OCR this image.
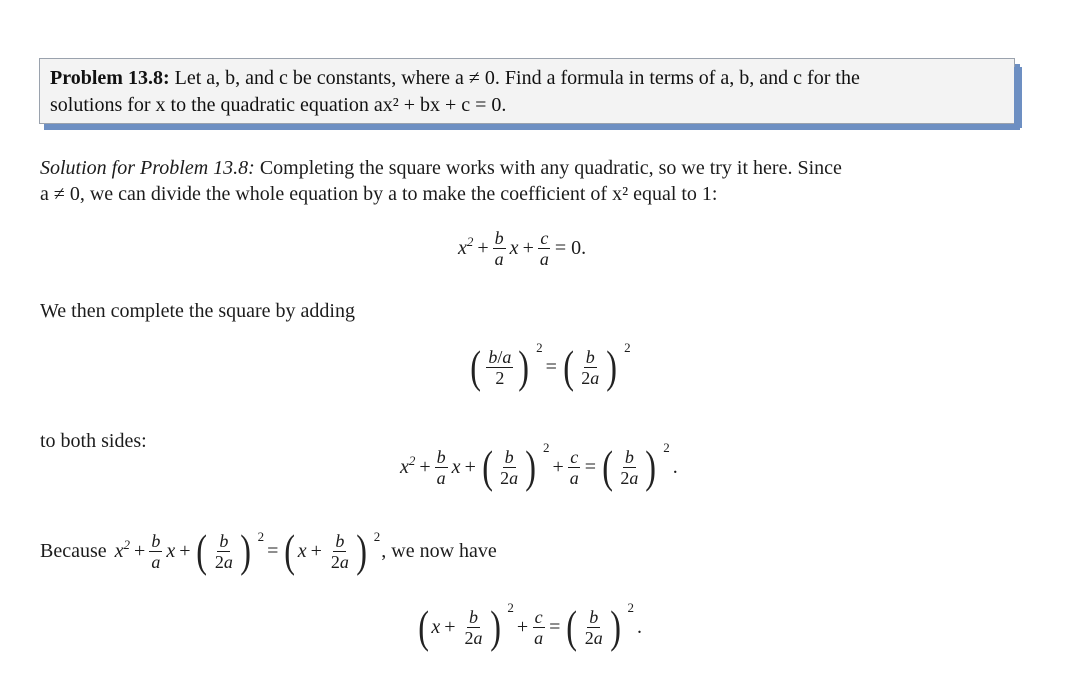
Problem 13.8: Let a, b, and c be constants, where a ≠ 0. Find a formula in terms of a, b, and c for the
solutions for x to the quadratic equation ax² + bx + c = 0.
Solution for Problem 13.8: Completing the square works with any quadratic, so we try it here. Since
a ≠ 0, we can divide the whole equation by a to make the coefficient of x² equal to 1:
$x^2 + \frac{b}{a}$ $x + \frac{c}{a} = 0$.
We then complete the square by adding
( $\frac{b/a}{2}$ ) 2
= ( $\frac{b}{2a}$ ) 2
to both sides:
$x^2 + \frac{b}{a}$ x + ( $\frac{b}{2a}$ ) 2
+ $\frac{c}{a}$ = ( $\frac{b}{2a}$ ) 2
.
Because $x^2 + \frac{b}{a}$ x + ( $\frac{b}{2a}$ ) 2
= ( $x + \frac{b}{2a}$ ) 2
, we now have
( $x + \frac{b}{2a}$ ) 2
+ $\frac{c}{a}$ = ( $\frac{b}{2a}$ ) 2
.
